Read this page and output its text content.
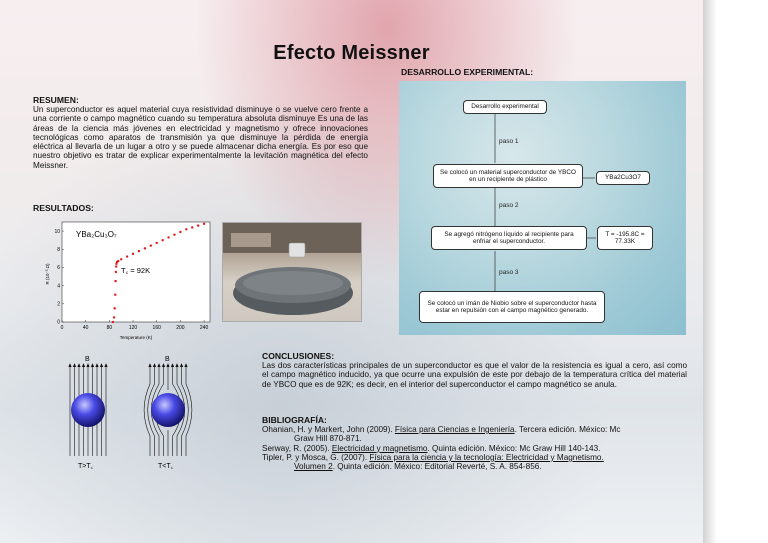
Efecto Meissner
RESUMEN:
Un superconductor es aquel material cuya resistividad disminuye o se vuelve cero frente a una corriente o campo magnético cuando su temperatura absoluta disminuye Es una de las áreas de la ciencia más jóvenes en electricidad y magnetismo y ofrece innovaciones tecnológicas como aparatos de transmisión ya que disminuye la pérdida de energía eléctrica al llevarla de un lugar a otro y se puede almacenar dicha energía. Es por eso que nuestro objetivo es tratar de explicar experimentalmente la levitación magnética del efecto Meissner.
RESULTADOS:
YBa₂Cu₃O₇
T꜀ = 92K
Temperature (K)
R (10⁻³ Ω)
0	40	80	120	160	200	240
0
2
4
6
8
10
B	B
T>T꜀	T<T꜀
DESARROLLO EXPERIMENTAL:
Desarrollo experimental
paso 1
Se colocó un material superconductor de YBCO en un recipiente de plástico	YBa2Cu3O7
paso 2
Se agregó nitrógeno líquido al recipiente para enfriar el superconductor.
T = -195.8C = 77.33K
paso 3
Se colocó un imán de Niobio sobre el superconductor hasta estar en repulsión con el campo magnético generado.
CONCLUSIONES:
Las dos características principales de un superconductor es que el valor de la resistencia es igual a cero, así como el campo magnético inducido, ya que ocurre una expulsión de este por debajo de la temperatura crítica del material de YBCO que es de 92K; es decir, en el interior del superconductor el campo magnético se anula.
BIBLIOGRAFÍA:
Ohanian, H. y Markert, John (2009). Física para Ciencias e Ingeniería. Tercera edición. México: Mc
Graw Hill 870-871.
Serway, R. (2005). Electricidad y magnetismo. Quinta edición. México: Mc Graw Hill 140-143.
Tipler, P. y Mosca, G. (2007). Física para la ciencia y la tecnología: Electricidad y Magnetismo.
Volumen 2. Quinta edición. México: Editorial Reverté, S. A. 854-856.
